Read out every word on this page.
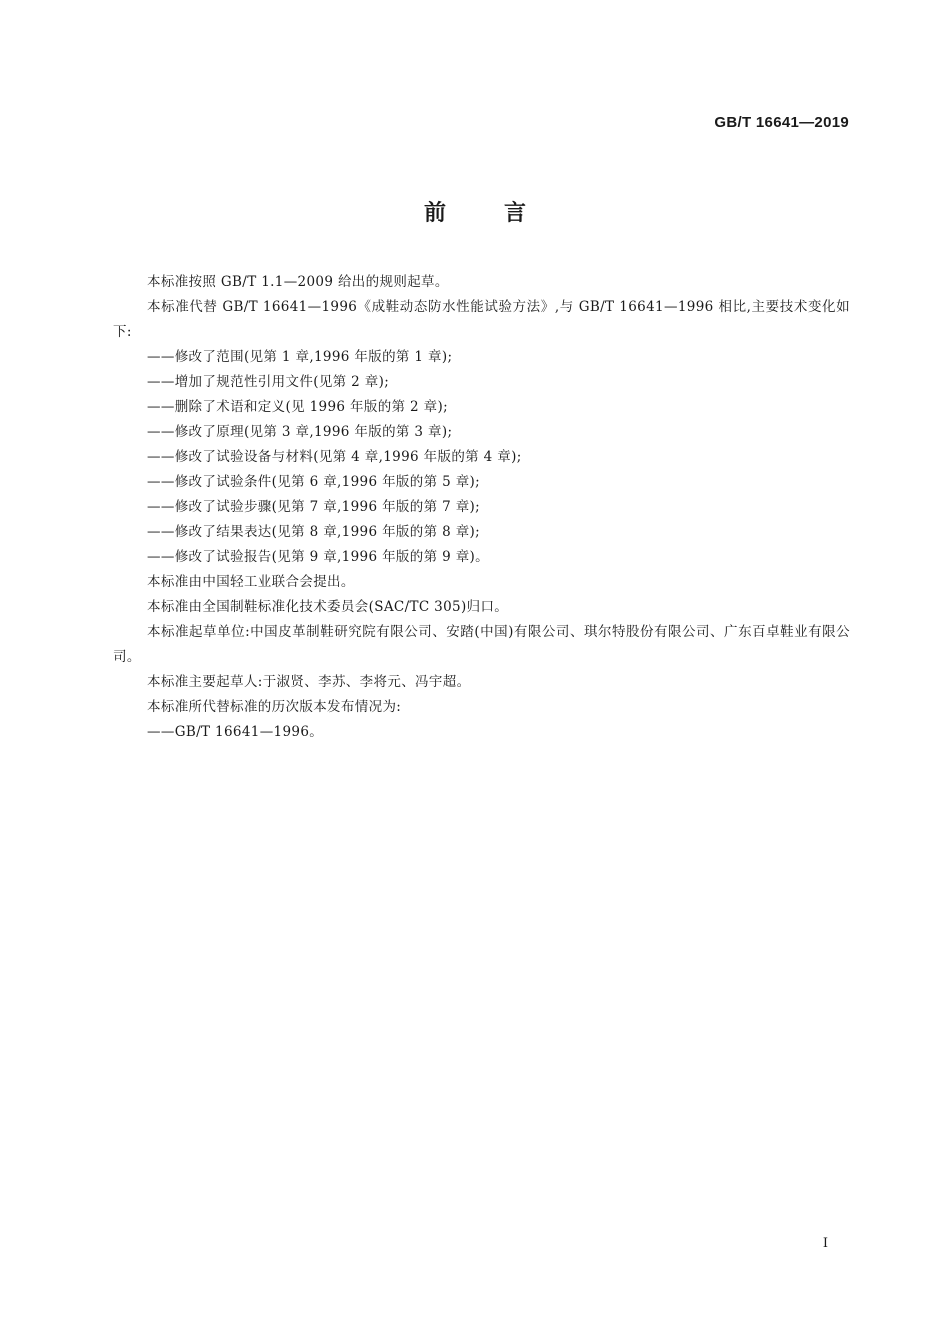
GB/T 16641—2019
前言

本标准按照 GB/T 1.1—2009 给出的规则起草。

本标准代替 GB/T 16641—1996《成鞋动态防水性能试验方法》,与 GB/T 16641—1996 相比,主要技术变化如下:

——修改了范围(见第 1 章,1996 年版的第 1 章);

——增加了规范性引用文件(见第 2 章);

——删除了术语和定义(见 1996 年版的第 2 章);

——修改了原理(见第 3 章,1996 年版的第 3 章);

——修改了试验设备与材料(见第 4 章,1996 年版的第 4 章);

——修改了试验条件(见第 6 章,1996 年版的第 5 章);

——修改了试验步骤(见第 7 章,1996 年版的第 7 章);

——修改了结果表达(见第 8 章,1996 年版的第 8 章);

——修改了试验报告(见第 9 章,1996 年版的第 9 章)。

本标准由中国轻工业联合会提出。

本标准由全国制鞋标准化技术委员会(SAC/TC 305)归口。

本标准起草单位:中国皮革制鞋研究院有限公司、安踏(中国)有限公司、琪尔特股份有限公司、广东百卓鞋业有限公司。

本标准主要起草人:于淑贤、李苏、李将元、冯宇超。

本标准所代替标准的历次版本发布情况为:

——GB/T 16641—1996。

I
